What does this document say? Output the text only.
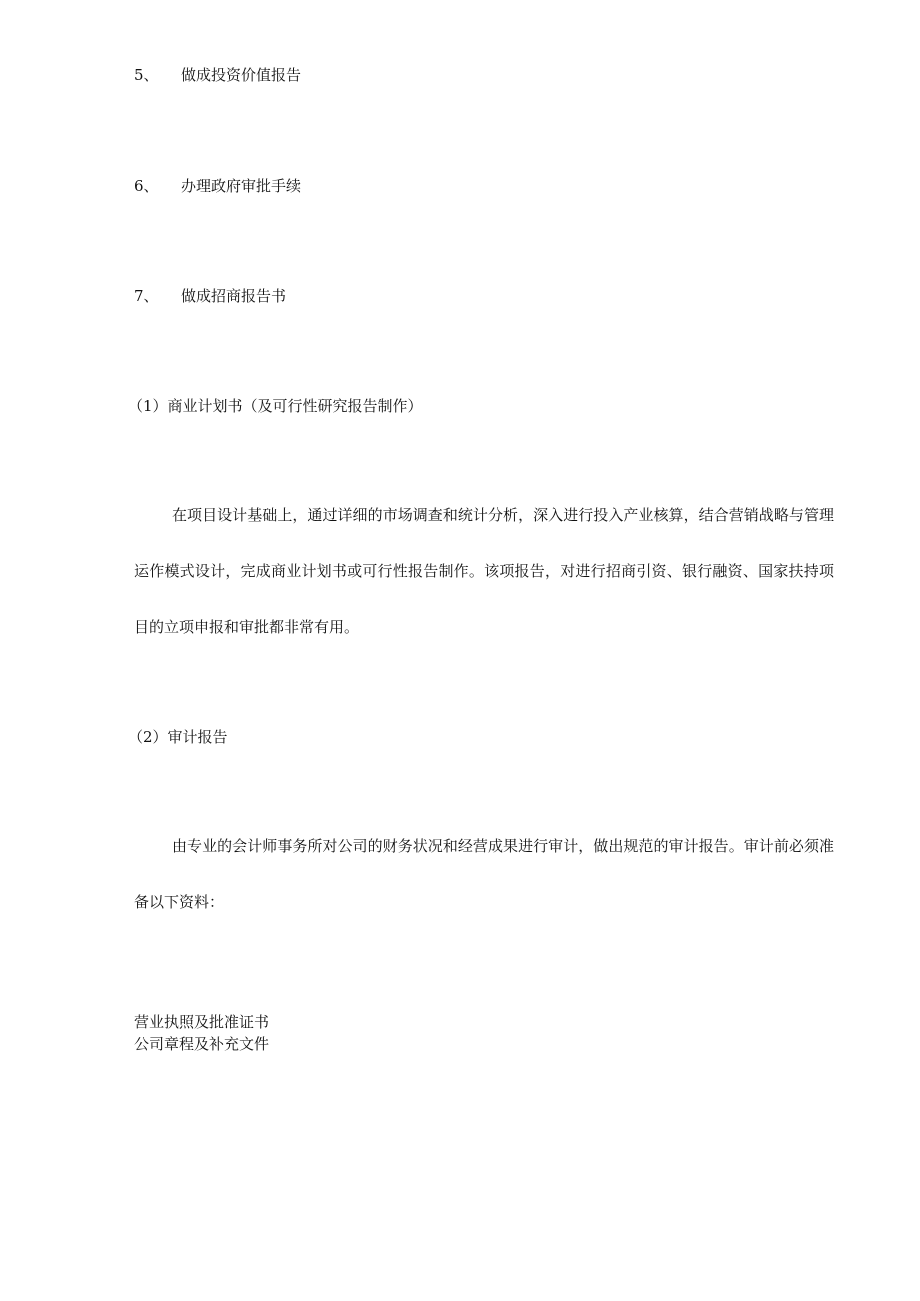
5、 做成投资价值报告
6、 办理政府审批手续
7、 做成招商报告书
（1）商业计划书（及可行性研究报告制作）

在项目设计基础上，通过详细的市场调查和统计分析，深入进行投入产业核算，结合营销战略与管理运作模式设计，完成商业计划书或可行性报告制作。该项报告，对进行招商引资、银行融资、国家扶持项目的立项申报和审批都非常有用。

（2）审计报告

由专业的会计师事务所对公司的财务状况和经营成果进行审计，做出规范的审计报告。审计前必须准备以下资料：

营业执照及批准证书
公司章程及补充文件
